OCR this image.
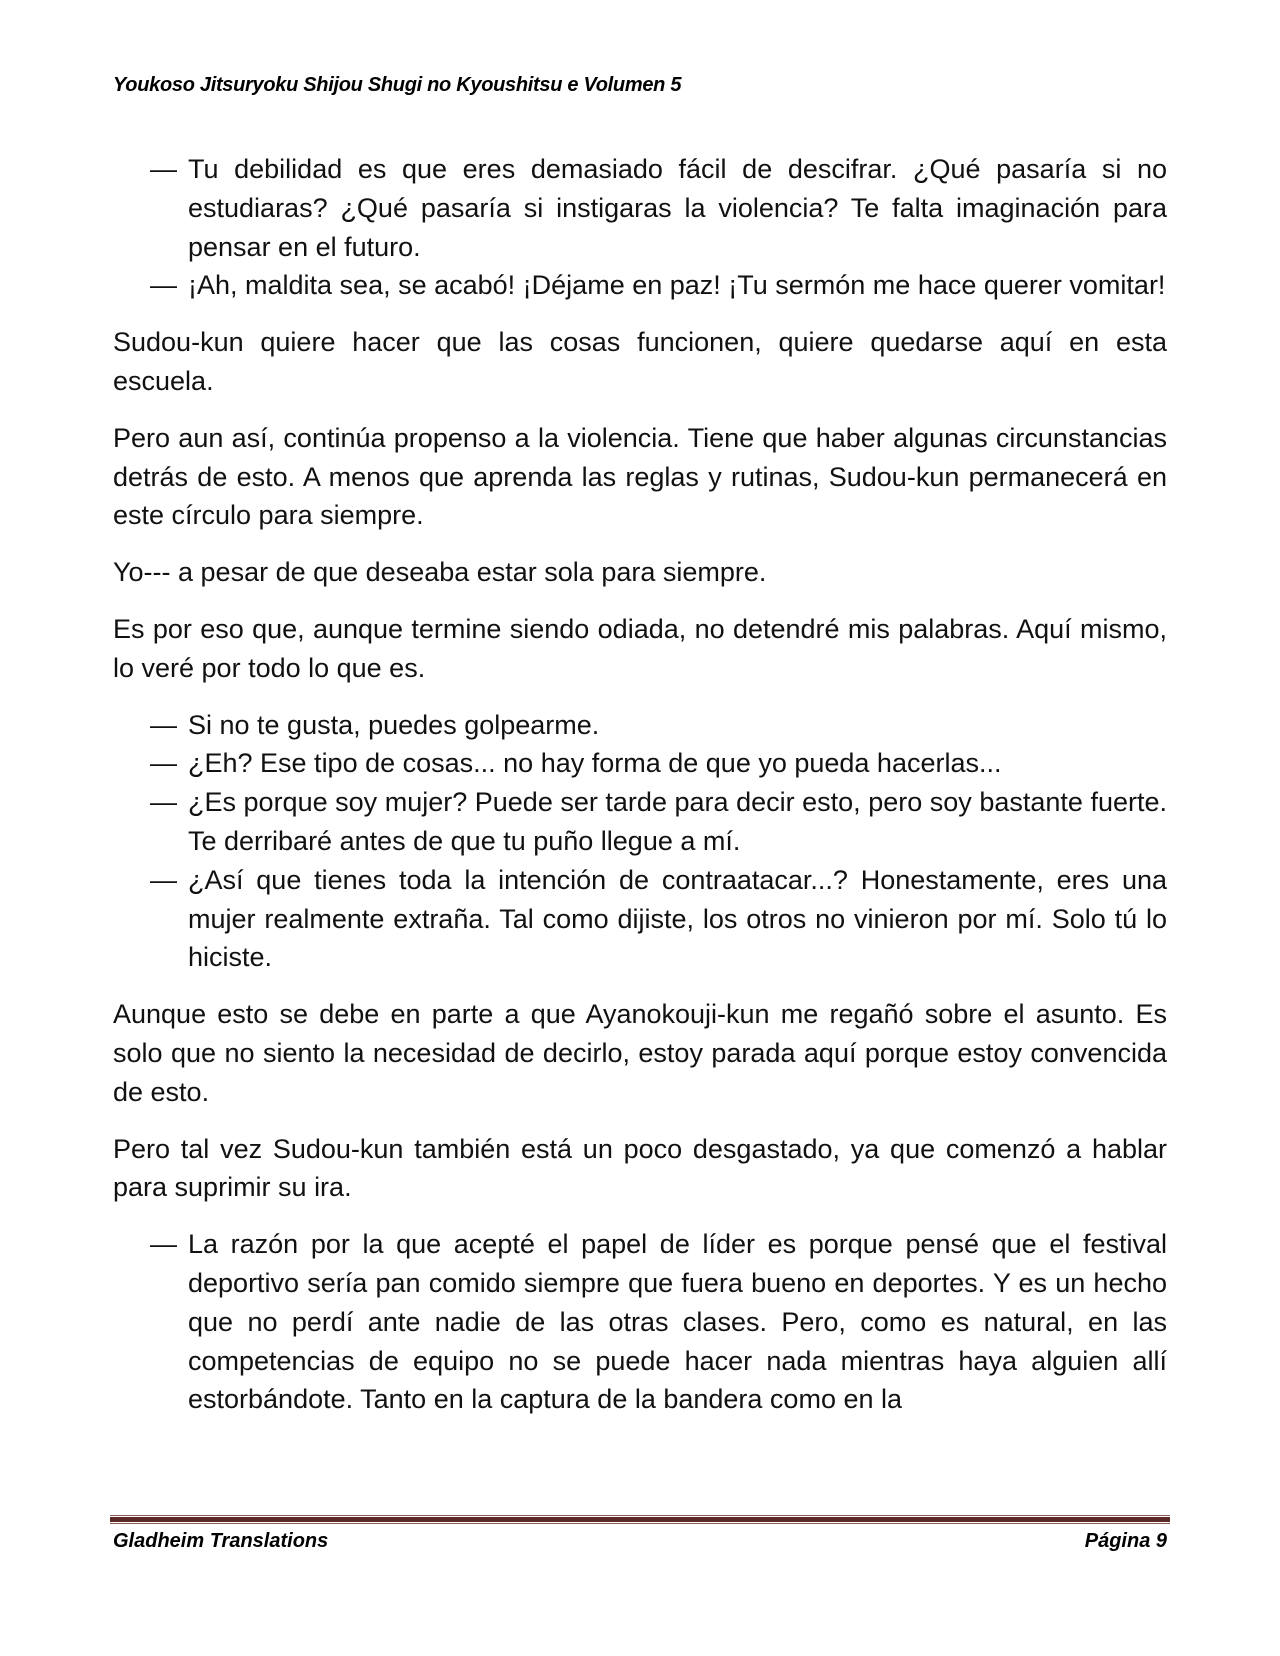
Youkoso Jitsuryoku Shijou Shugi no Kyoushitsu e Volumen 5

— Tu debilidad es que eres demasiado fácil de descifrar. ¿Qué pasaría si no estudiaras? ¿Qué pasaría si instigaras la violencia? Te falta imaginación para pensar en el futuro.

— ¡Ah, maldita sea, se acabó! ¡Déjame en paz! ¡Tu sermón me hace querer vomitar!

Sudou-kun quiere hacer que las cosas funcionen, quiere quedarse aquí en esta escuela.

Pero aun así, continúa propenso a la violencia. Tiene que haber algunas circunstancias detrás de esto. A menos que aprenda las reglas y rutinas, Sudou-kun permanecerá en este círculo para siempre.

Yo--- a pesar de que deseaba estar sola para siempre.

Es por eso que, aunque termine siendo odiada, no detendré mis palabras. Aquí mismo, lo veré por todo lo que es.

— Si no te gusta, puedes golpearme.

— ¿Eh? Ese tipo de cosas... no hay forma de que yo pueda hacerlas...

— ¿Es porque soy mujer? Puede ser tarde para decir esto, pero soy bastante fuerte. Te derribaré antes de que tu puño llegue a mí.

— ¿Así que tienes toda la intención de contraatacar...? Honestamente, eres una mujer realmente extraña. Tal como dijiste, los otros no vinieron por mí. Solo tú lo hiciste.

Aunque esto se debe en parte a que Ayanokouji-kun me regañó sobre el asunto. Es solo que no siento la necesidad de decirlo, estoy parada aquí porque estoy convencida de esto.

Pero tal vez Sudou-kun también está un poco desgastado, ya que comenzó a hablar para suprimir su ira.

— La razón por la que acepté el papel de líder es porque pensé que el festival deportivo sería pan comido siempre que fuera bueno en deportes. Y es un hecho que no perdí ante nadie de las otras clases. Pero, como es natural, en las competencias de equipo no se puede hacer nada mientras haya alguien allí estorbándote. Tanto en la captura de la bandera como en la

Gladheim Translations	Página 9
